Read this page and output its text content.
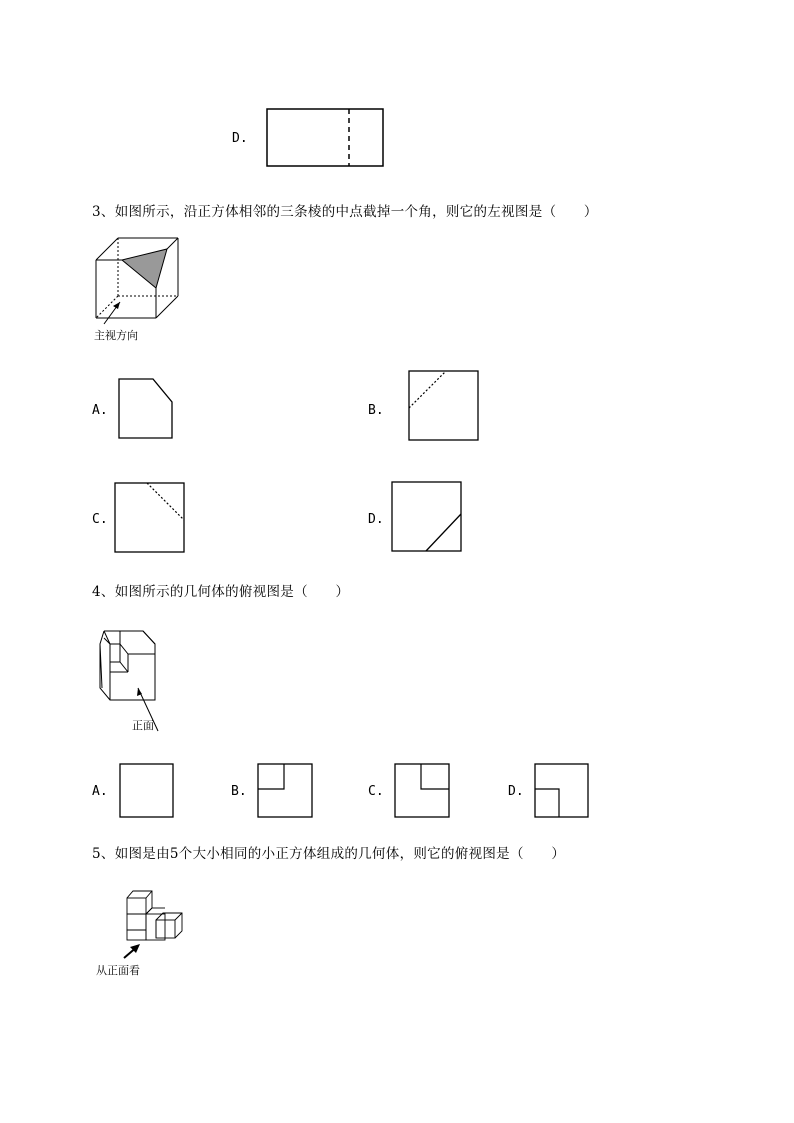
D.
3、如图所示，沿正方体相邻的三条棱的中点截掉一个角，则它的左视图是（　　）
主视方向
A.	B.
C.	D.
4、如图所示的几何体的俯视图是（　　）
正面
A.	B.	C.	D.
5、如图是由5个大小相同的小正方体组成的几何体，则它的俯视图是（　　）
从正面看
